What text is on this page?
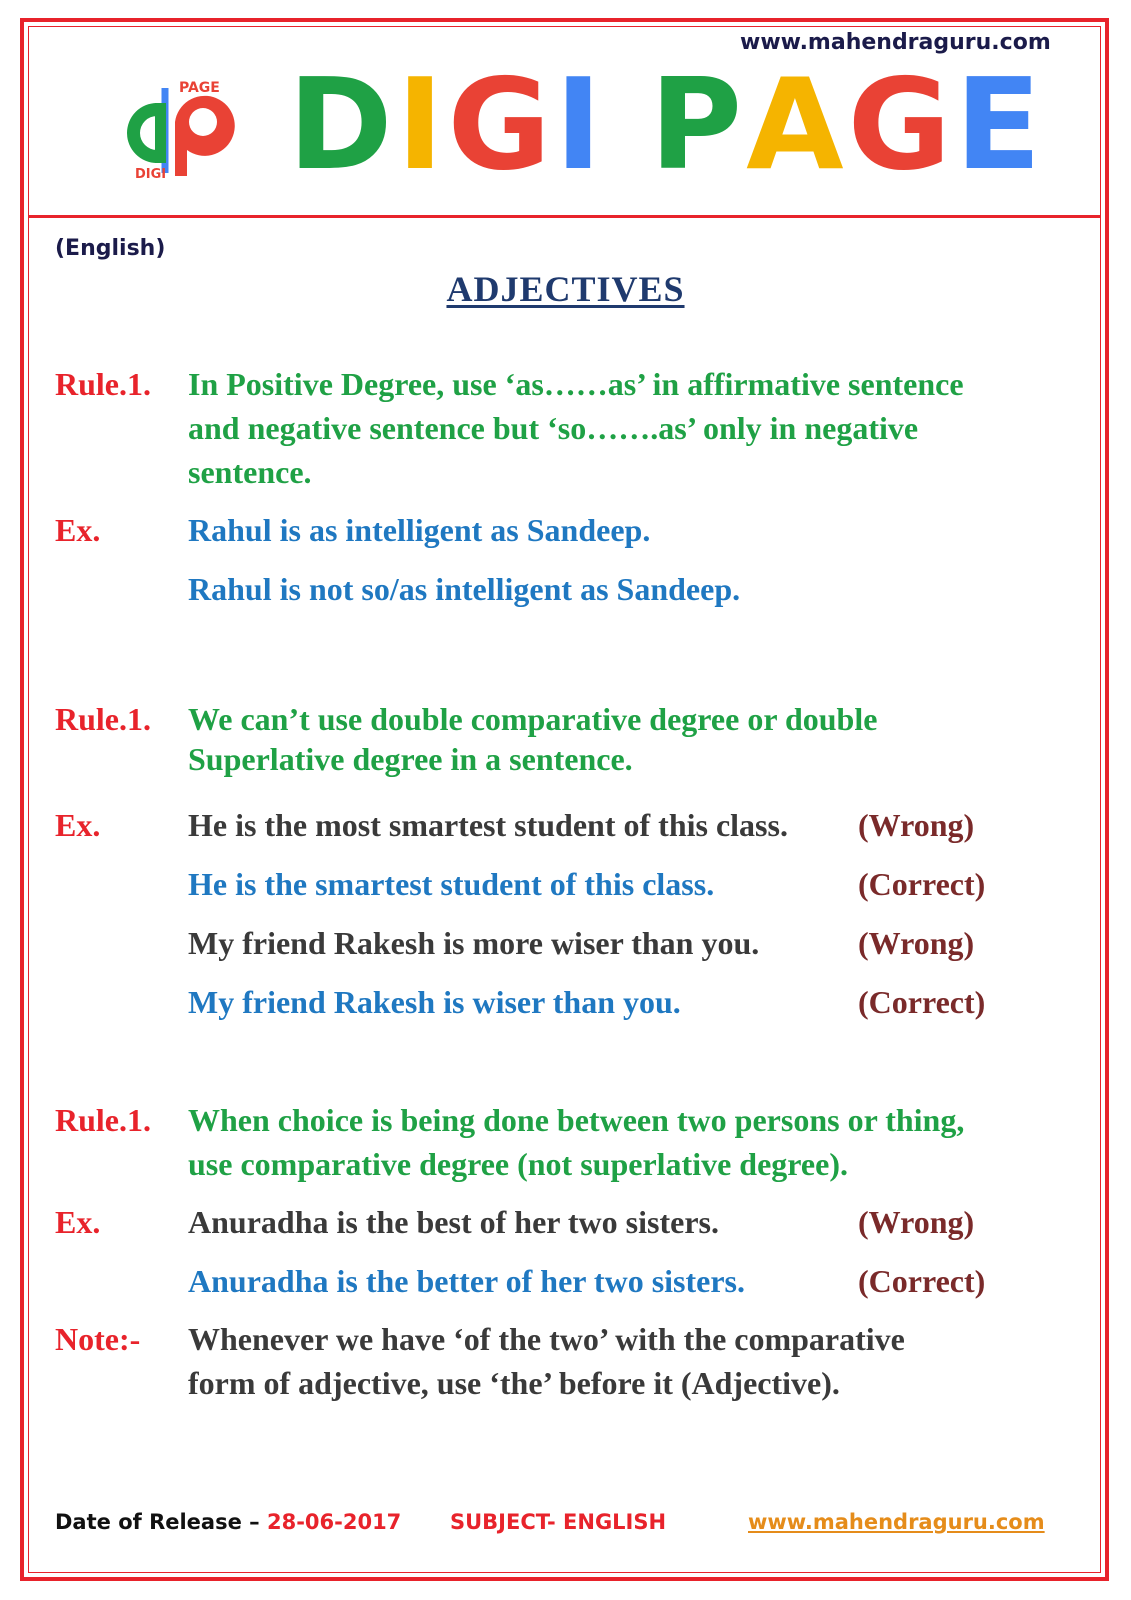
www.mahendraguru.com
PAGE
DIGI DIGI PAGE
(English)
ADJECTIVES
Rule.1. In Positive Degree, use ‘as……as’ in affirmative sentence
and negative sentence but ‘so…….as’ only in negative
sentence.
Ex.	Rahul is as intelligent as Sandeep.
Rahul is not so/as intelligent as Sandeep.
Rule.1. We can’t use double comparative degree or double
Superlative degree in a sentence.
Ex.	He is the most smartest student of this class.	(Wrong)
He is the smartest student of this class.	(Correct)
My friend Rakesh is more wiser than you.	(Wrong)
My friend Rakesh is wiser than you.	(Correct)
Rule.1. When choice is being done between two persons or thing,
use comparative degree (not superlative degree).
Ex.	Anuradha is the best of her two sisters.	(Wrong)
Anuradha is the better of her two sisters.	(Correct)
Note:- Whenever we have ‘of the two’ with the comparative
form of adjective, use ‘the’ before it (Adjective).
Date of Release – 28-06-2017 SUBJECT- ENGLISH	www.mahendraguru.com
